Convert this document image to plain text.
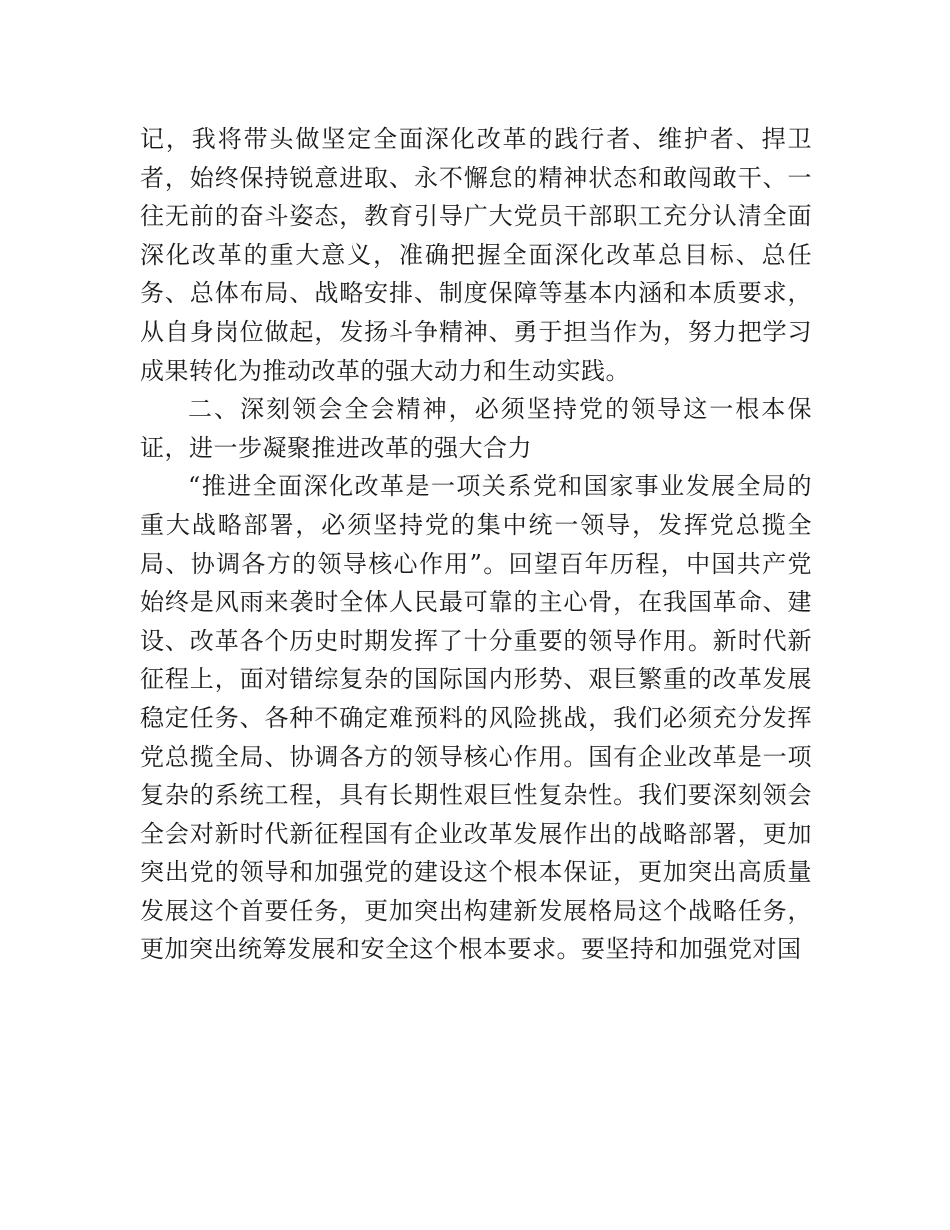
记，我将带头做坚定全面深化改革的践行者、维护者、捍卫者，始终保持锐意进取、永不懈怠的精神状态和敢闯敢干、一往无前的奋斗姿态，教育引导广大党员干部职工充分认清全面深化改革的重大意义，准确把握全面深化改革总目标、总任务、总体布局、战略安排、制度保障等基本内涵和本质要求，从自身岗位做起，发扬斗争精神、勇于担当作为，努力把学习成果转化为推动改革的强大动力和生动实践。

二、深刻领会全会精神，必须坚持党的领导这一根本保证，进一步凝聚推进改革的强大合力

“推进全面深化改革是一项关系党和国家事业发展全局的重大战略部署，必须坚持党的集中统一领导，发挥党总揽全局、协调各方的领导核心作用”。回望百年历程，中国共产党始终是风雨来袭时全体人民最可靠的主心骨，在我国革命、建设、改革各个历史时期发挥了十分重要的领导作用。新时代新征程上，面对错综复杂的国际国内形势、艰巨繁重的改革发展稳定任务、各种不确定难预料的风险挑战，我们必须充分发挥党总揽全局、协调各方的领导核心作用。国有企业改革是一项复杂的系统工程，具有长期性艰巨性复杂性。我们要深刻领会全会对新时代新征程国有企业改革发展作出的战略部署，更加突出党的领导和加强党的建设这个根本保证，更加突出高质量发展这个首要任务，更加突出构建新发展格局这个战略任务，更加突出统筹发展和安全这个根本要求。要坚持和加强党对国
